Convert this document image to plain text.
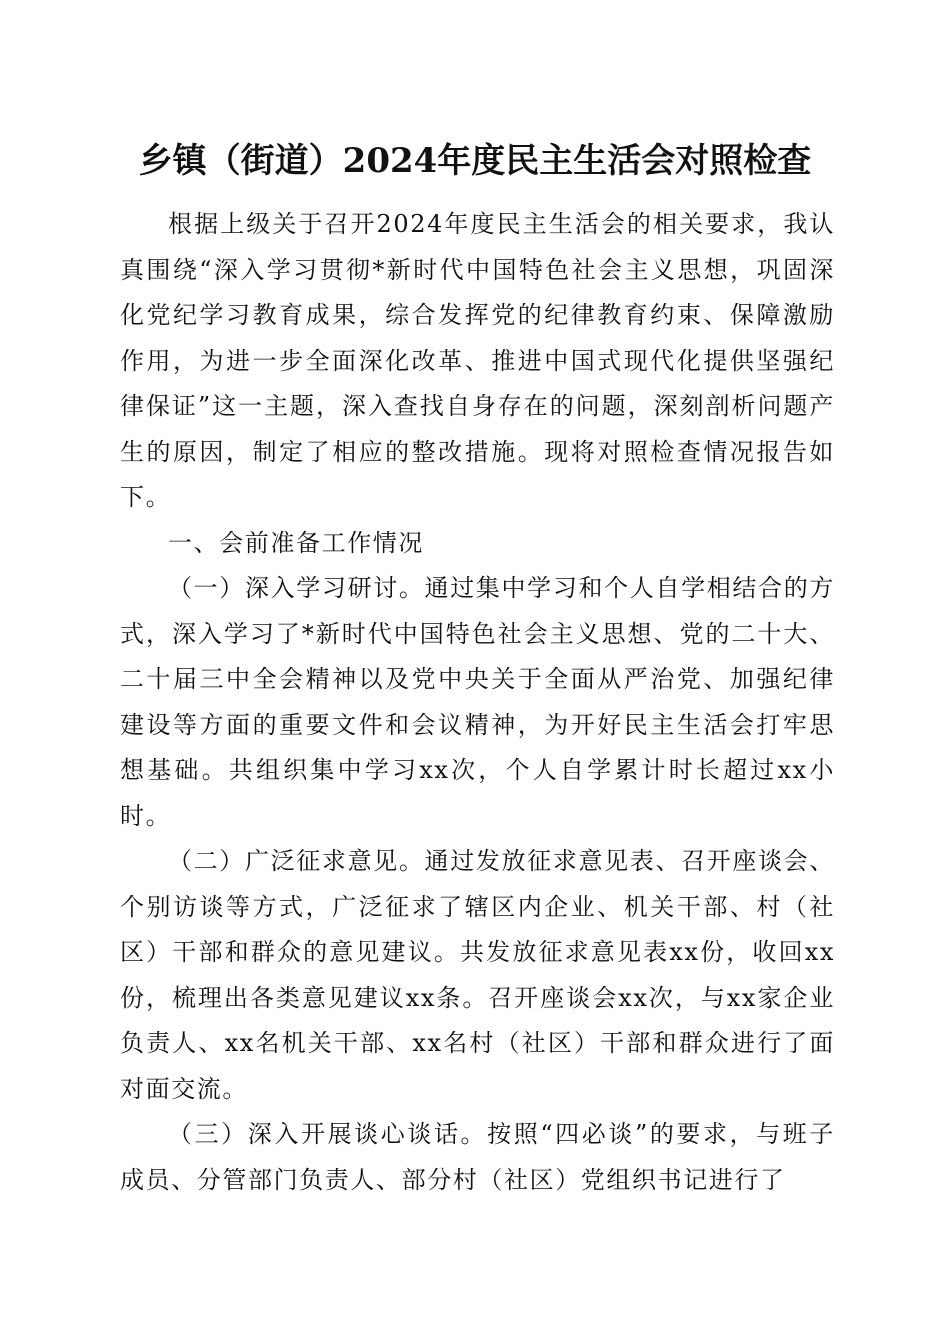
乡镇（街道）2024年度民主生活会对照检查

根据上级关于召开2024年度民主生活会的相关要求，我认真围绕“深入学习贯彻*新时代中国特色社会主义思想，巩固深化党纪学习教育成果，综合发挥党的纪律教育约束、保障激励作用，为进一步全面深化改革、推进中国式现代化提供坚强纪律保证”这一主题，深入查找自身存在的问题，深刻剖析问题产生的原因，制定了相应的整改措施。现将对照检查情况报告如下。

一、会前准备工作情况

（一）深入学习研讨。通过集中学习和个人自学相结合的方式，深入学习了*新时代中国特色社会主义思想、党的二十大、二十届三中全会精神以及党中央关于全面从严治党、加强纪律建设等方面的重要文件和会议精神，为开好民主生活会打牢思想基础。共组织集中学习xx次，个人自学累计时长超过xx小时。

（二）广泛征求意见。通过发放征求意见表、召开座谈会、个别访谈等方式，广泛征求了辖区内企业、机关干部、村（社区）干部和群众的意见建议。共发放征求意见表xx份，收回xx份，梳理出各类意见建议xx条。召开座谈会xx次，与xx家企业负责人、xx名机关干部、xx名村（社区）干部和群众进行了面对面交流。

（三）深入开展谈心谈话。按照“四必谈”的要求，与班子成员、分管部门负责人、部分村（社区）党组织书记进行了
